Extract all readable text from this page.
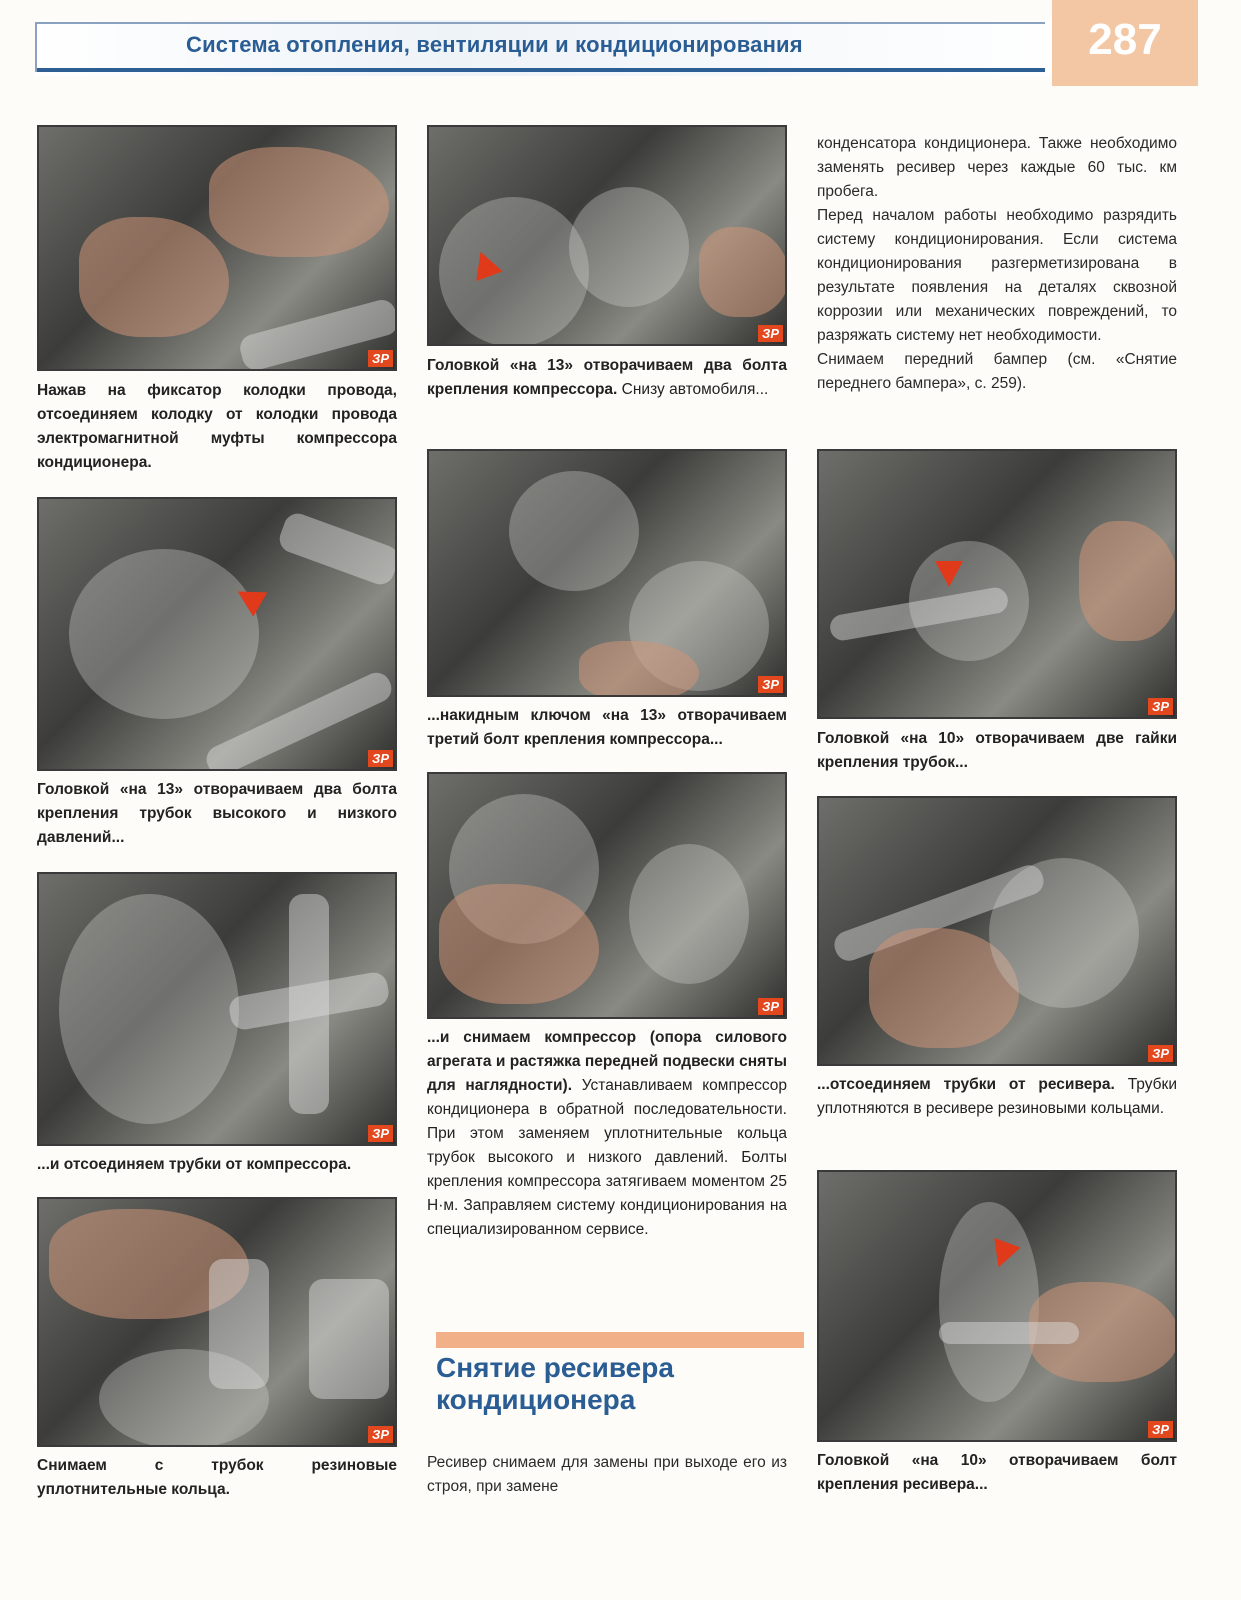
Система отопления, вентиляции и кондиционирования	287
ЗР
Нажав на фиксатор колодки провода, отсоединяем колодку от колодки провода электромагнитной муфты компрессора кондиционера.
ЗР
Головкой «на 13» отворачиваем два болта крепления трубок высокого и низкого давлений...
ЗР
...и отсоединяем трубки от компрессора.
ЗР
Снимаем с трубок резиновые уплотнительные кольца.
ЗР
Головкой «на 13» отворачиваем два болта крепления компрессора. Снизу автомобиля...
ЗР
...накидным ключом «на 13» отворачиваем третий болт крепления компрессора...
ЗР
...и снимаем компрессор (опора силового агрегата и растяжка передней подвески сняты для наглядности). Устанавливаем компрессор кондиционера в обратной последовательности. При этом заменяем уплотнительные кольца трубок высокого и низкого давлений. Болты крепления компрессора затягиваем моментом 25 Н·м. Заправляем систему кондиционирования на специализированном сервисе.
Снятие ресивера
кондиционера
Ресивер снимаем для замены при выходе его из строя, при замене
конденсатора кондиционера. Также необходимо заменять ресивер через каждые 60 тыс. км пробега.
Перед началом работы необходимо разрядить систему кондиционирования. Если система кондиционирования разгерметизирована в результате появления на деталях сквозной коррозии или механических повреждений, то разряжать систему нет необходимости.
Снимаем передний бампер (см. «Снятие переднего бампера», с. 259).
ЗР
Головкой «на 10» отворачиваем две гайки крепления трубок...
ЗР
...отсоединяем трубки от ресивера. Трубки уплотняются в ресивере резиновыми кольцами.
ЗР
Головкой «на 10» отворачиваем болт крепления ресивера...
